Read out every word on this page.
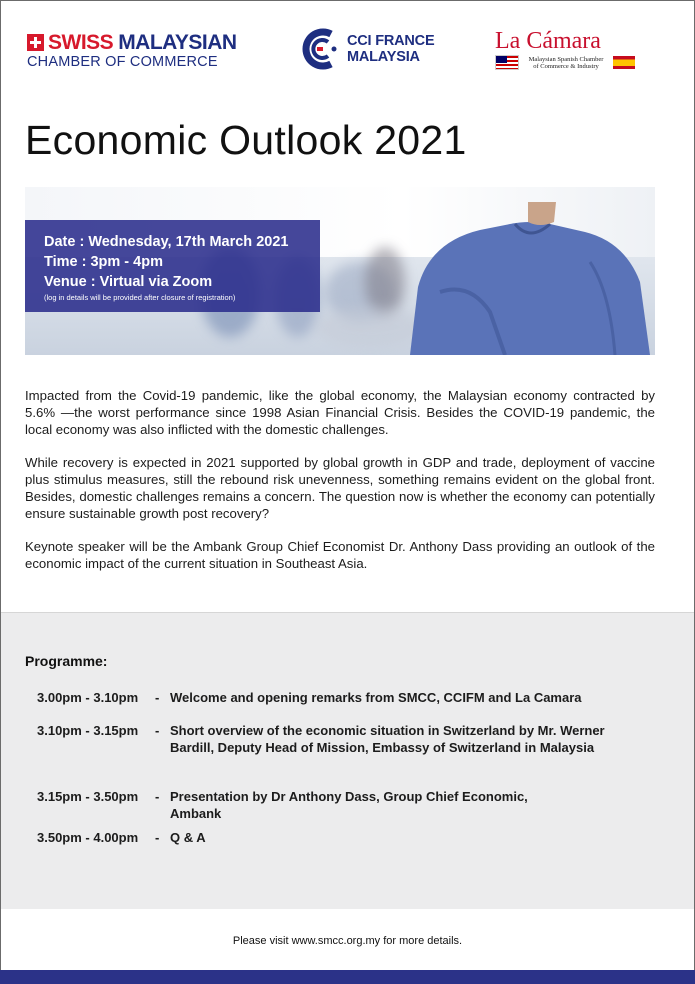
SWISS MALAYSIAN
CHAMBER OF COMMERCE
CCI FRANCE
MALAYSIA
La Cámara
Malaysian Spanish Chamber
of Commerce & Industry
Economic Outlook 2021
Date : Wednesday, 17th March 2021
Time : 3pm - 4pm
Venue : Virtual via Zoom
(log in details will be provided after closure of registration)

Impacted from the Covid-19 pandemic, like the global economy, the Malaysian economy contracted by 5.6% —the worst performance since 1998 Asian Financial Crisis. Besides the COVID-19 pandemic, the local economy was also inflicted with the domestic challenges.

While recovery is expected in 2021 supported by global growth in GDP and trade, deployment of vaccine plus stimulus measures, still the rebound risk unevenness, something remains evident on the global front. Besides, domestic challenges remains a concern. The question now is whether the economy can potentially ensure sustainable growth post recovery?

Keynote speaker will be the Ambank Group Chief Economist Dr. Anthony Dass providing an outlook of the economic impact of the current situation in Southeast Asia.

Programme:
3.00pm - 3.10pm - Welcome and opening remarks from SMCC, CCIFM and La Camara
3.10pm - 3.15pm - Short overview of the economic situation in Switzerland by Mr. Werner Bardill, Deputy Head of Mission, Embassy of Switzerland in Malaysia
3.15pm - 3.50pm - Presentation by Dr Anthony Dass, Group Chief Economic, Ambank
3.50pm - 4.00pm - Q & A
Please visit www.smcc.org.my for more details.
